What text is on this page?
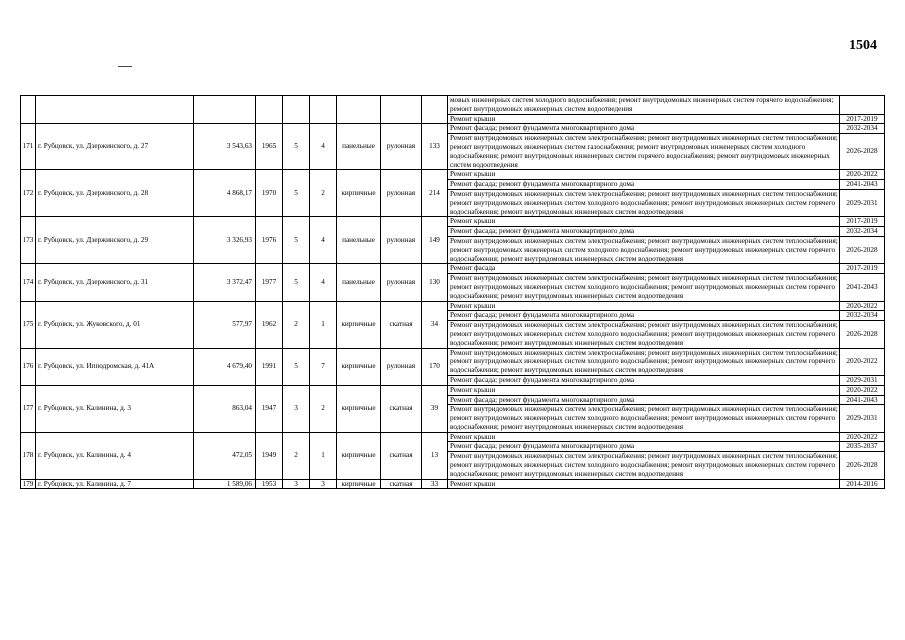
1504
									мовых инженерных систем холодного водоснабжения; ремонт внутридомовых инженерных систем горячего водоснабжения; ремонт внутридомовых инженерных систем водоотведения	
									Ремонт крыши	2017-2019
171	г. Рубцовск, ул. Дзержинского, д. 27	3 543,63	1965	5	4	панельные	рулонная	133	Ремонт фасада; ремонт фундамента многоквартирного дома	2032-2034
									Ремонт внутридомовых инженерных систем электроснабжения; ремонт внутридомовых инженерных систем теплоснабжения; ремонт внутридомовых инженерных систем газоснабжения; ремонт внутридомовых инженерных систем холодного водоснабжения; ремонт внутридомовых инженерных систем горячего водоснабжения; ремонт внутридомовых инженерных систем водоотведения	2026-2028
172	г. Рубцовск, ул. Дзержинского, д. 28	4 868,17	1970	5	2	кирпичные	рулонная	214	Ремонт крыши	2020-2022
									Ремонт фасада; ремонт фундамента многоквартирного дома	2041-2043
									Ремонт внутридомовых инженерных систем электроснабжения; ремонт внутридомовых инженерных систем теплоснабжения; ремонт внутридомовых инженерных систем холодного водоснабжения; ремонт внутридомовых инженерных систем горячего водоснабжения; ремонт внутридомовых инженерных систем водоотведения	2029-2031
173	г. Рубцовск, ул. Дзержинского, д. 29	3 326,93	1976	5	4	панельные	рулонная	149	Ремонт крыши	2017-2019
									Ремонт фасада; ремонт фундамента многоквартирного дома	2032-2034
									Ремонт внутридомовых инженерных систем электроснабжения; ремонт внутридомовых инженерных систем теплоснабжения; ремонт внутридомовых инженерных систем холодного водоснабжения; ремонт внутридомовых инженерных систем горячего водоснабжения; ремонт внутридомовых инженерных систем водоотведения	2026-2028
174	г. Рубцовск, ул. Дзержинского, д. 31	3 372,47	1977	5	4	панельные	рулонная	130	Ремонт фасада	2017-2019
									Ремонт внутридомовых инженерных систем электроснабжения; ремонт внутридомовых инженерных систем теплоснабжения; ремонт внутридомовых инженерных систем холодного водоснабжения; ремонт внутридомовых инженерных систем горячего водоснабжения; ремонт внутридомовых инженерных систем водоотведения	2041-2043
175	г. Рубцовск, ул. Жуковского, д. 01	577,97	1962	2	1	кирпичные	скатная	34	Ремонт крыши	2020-2022
									Ремонт фасада; ремонт фундамента многоквартирного дома	2032-2034
									Ремонт внутридомовых инженерных систем электроснабжения; ремонт внутридомовых инженерных систем теплоснабжения; ремонт внутридомовых инженерных систем холодного водоснабжения; ремонт внутридомовых инженерных систем горячего водоснабжения; ремонт внутридомовых инженерных систем водоотведения	2026-2028
176	г. Рубцовск, ул. Ипподромская, д. 41А	4 679,40	1991	5	7	кирпичные	рулонная	170	Ремонт внутридомовых инженерных систем электроснабжения; ремонт внутридомовых инженерных систем теплоснабжения; ремонт внутридомовых инженерных систем холодного водоснабжения; ремонт внутридомовых инженерных систем горячего водоснабжения; ремонт внутридомовых инженерных систем водоотведения	2020-2022
									Ремонт фасада; ремонт фундамента многоквартирного дома	2029-2031
177	г. Рубцовск, ул. Калинина, д. 3	863,04	1947	3	2	кирпичные	скатная	39	Ремонт крыши	2020-2022
									Ремонт фасада; ремонт фундамента многоквартирного дома	2041-2043
									Ремонт внутридомовых инженерных систем электроснабжения; ремонт внутридомовых инженерных систем теплоснабжения; ремонт внутридомовых инженерных систем холодного водоснабжения; ремонт внутридомовых инженерных систем горячего водоснабжения; ремонт внутридомовых инженерных систем водоотведения	2029-2031
178	г. Рубцовск, ул. Калинина, д. 4	472,05	1949	2	1	кирпичные	скатная	13	Ремонт крыши	2020-2022
									Ремонт фасада; ремонт фундамента многоквартирного дома	2035-2037
									Ремонт внутридомовых инженерных систем электроснабжения; ремонт внутридомовых инженерных систем теплоснабжения; ремонт внутридомовых инженерных систем холодного водоснабжения; ремонт внутридомовых инженерных систем горячего водоснабжения; ремонт внутридомовых инженерных систем водоотведения	2026-2028
179	г. Рубцовск, ул. Калинина, д. 7	1 589,06	1953	3	3	кирпичные	скатная	33	Ремонт крыши	2014-2016
